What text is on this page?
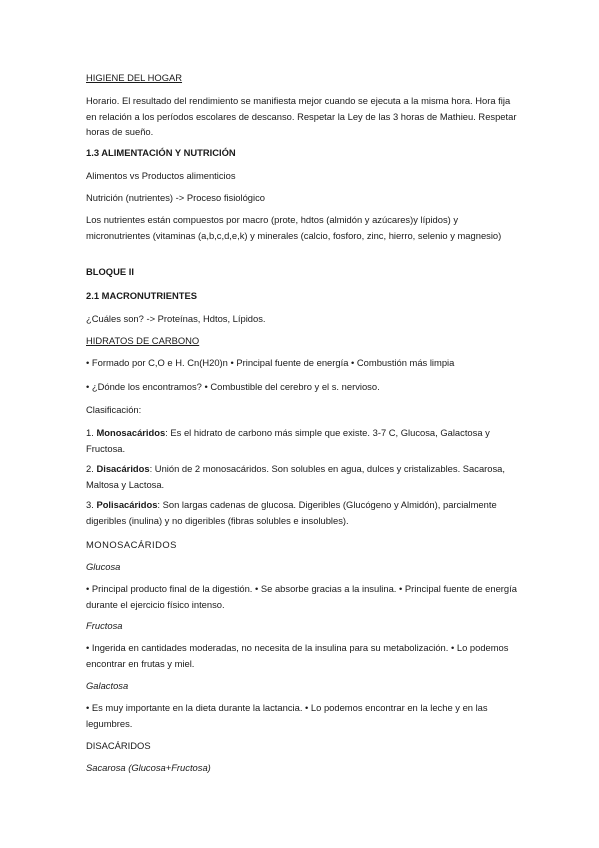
HIGIENE DEL HOGAR

Horario. El resultado del rendimiento se manifiesta mejor cuando se ejecuta a la misma hora. Hora fija en relación a los períodos escolares de descanso. Respetar la Ley de las 3 horas de Mathieu. Respetar horas de sueño.

1.3 ALIMENTACIÓN Y NUTRICIÓN

Alimentos vs Productos alimenticios

Nutrición (nutrientes) -> Proceso fisiológico

Los nutrientes están compuestos por macro (prote, hdtos (almidón y azúcares)y lípidos) y micronutrientes (vitaminas (a,b,c,d,e,k) y minerales (calcio, fosforo, zinc, hierro, selenio y magnesio)

BLOQUE II

2.1 MACRONUTRIENTES

¿Cuáles son? -> Proteínas, Hdtos, Lípidos.

HIDRATOS DE CARBONO

• Formado por C,O e H. Cn(H20)n • Principal fuente de energía • Combustión más limpia

• ¿Dónde los encontramos? • Combustible del cerebro y el s. nervioso.

Clasificación:

1. Monosacáridos: Es el hidrato de carbono más simple que existe. 3-7 C, Glucosa, Galactosa y Fructosa.

2. Disacáridos: Unión de 2 monosacáridos. Son solubles en agua, dulces y cristalizables. Sacarosa, Maltosa y Lactosa.

3. Polisacáridos: Son largas cadenas de glucosa. Digeribles (Glucógeno y Almidón), parcialmente digeribles (inulina) y no digeribles (fibras solubles e insolubles).

MONOSACÁRIDOS

Glucosa

• Principal producto final de la digestión. • Se absorbe gracias a la insulina. • Principal fuente de energía durante el ejercicio físico intenso.

Fructosa

• Ingerida en cantidades moderadas, no necesita de la insulina para su metabolización. • Lo podemos encontrar en frutas y miel.

Galactosa

• Es muy importante en la dieta durante la lactancia. • Lo podemos encontrar en la leche y en las legumbres.

DISACÁRIDOS

Sacarosa (Glucosa+Fructosa)
